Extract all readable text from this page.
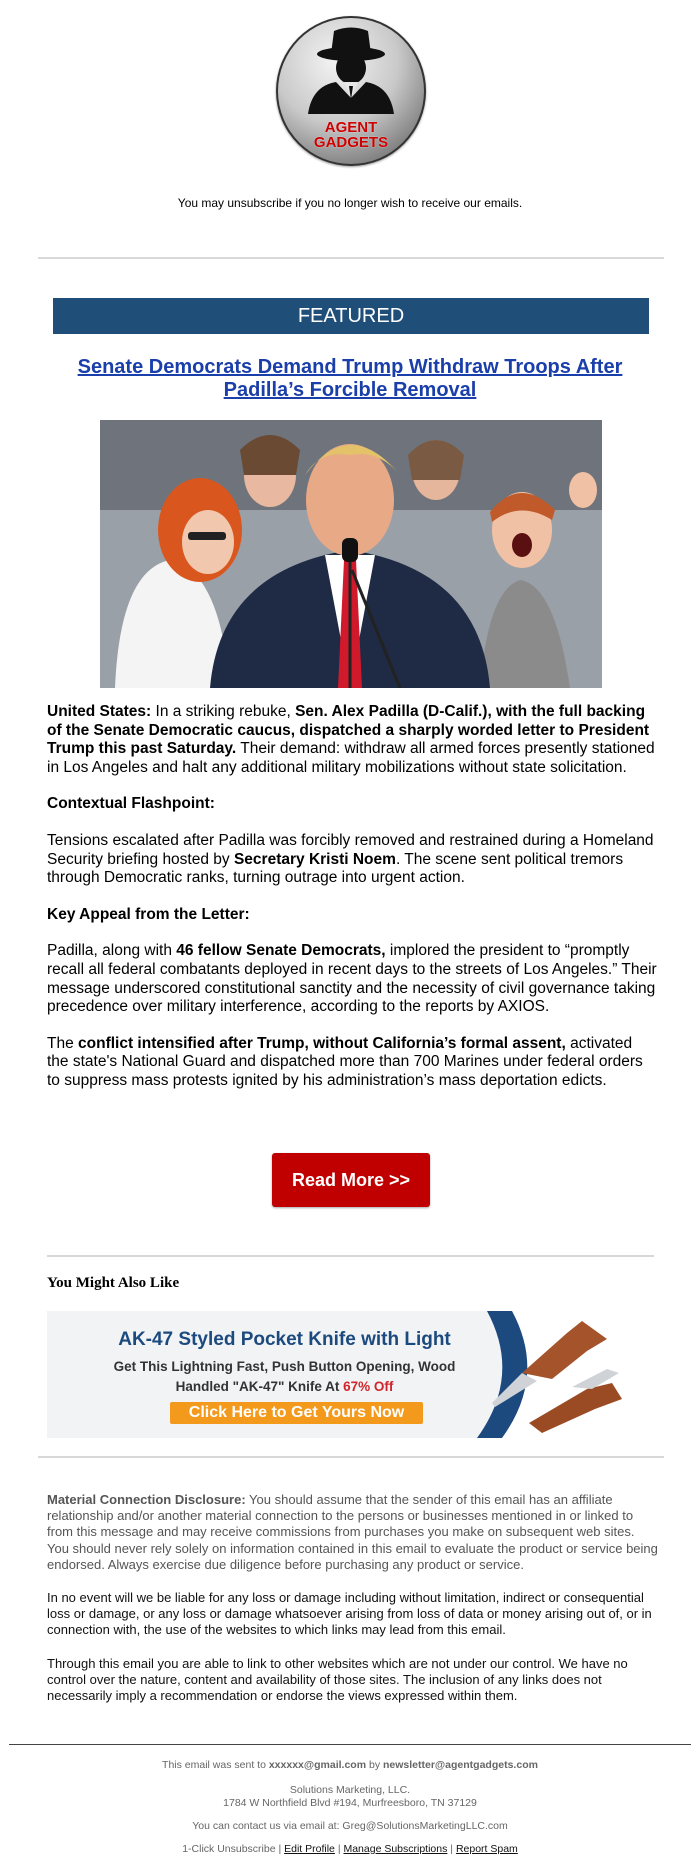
AGENT
GADGETS
You may unsubscribe if you no longer wish to receive our emails.
FEATURED
Senate Democrats Demand Trump Withdraw Troops After Padilla’s Forcible Removal

United States: In a striking rebuke, Sen. Alex Padilla (D-Calif.), with the full backing of the Senate Democratic caucus, dispatched a sharply worded letter to President Trump this past Saturday. Their demand: withdraw all armed forces presently stationed in Los Angeles and halt any additional military mobilizations without state solicitation.

Contextual Flashpoint:

Tensions escalated after Padilla was forcibly removed and restrained during a Homeland Security briefing hosted by Secretary Kristi Noem. The scene sent political tremors through Democratic ranks, turning outrage into urgent action.

Key Appeal from the Letter:

Padilla, along with 46 fellow Senate Democrats, implored the president to “promptly recall all federal combatants deployed in recent days to the streets of Los Angeles.” Their message underscored constitutional sanctity and the necessity of civil governance taking precedence over military interference, according to the reports by AXIOS.

The conflict intensified after Trump, without California’s formal assent, activated the state's National Guard and dispatched more than 700 Marines under federal orders to suppress mass protests ignited by his administration’s mass deportation edicts.

Read More >>
You Might Also Like
AK-47 Styled Pocket Knife with Light
Get This Lightning Fast, Push Button Opening, Wood
Handled "AK-47" Knife At 67% Off
Click Here to Get Yours Now

Material Connection Disclosure: You should assume that the sender of this email has an affiliate relationship and/or another material connection to the persons or businesses mentioned in or linked to from this message and may receive commissions from purchases you make on subsequent web sites. You should never rely solely on information contained in this email to evaluate the product or service being endorsed. Always exercise due diligence before purchasing any product or service.

In no event will we be liable for any loss or damage including without limitation, indirect or consequential loss or damage, or any loss or damage whatsoever arising from loss of data or money arising out of, or in connection with, the use of the websites to which links may lead from this email.

Through this email you are able to link to other websites which are not under our control. We have no control over the nature, content and availability of those sites. The inclusion of any links does not necessarily imply a recommendation or endorse the views expressed within them.

This email was sent to xxxxxx@gmail.com by newsletter@agentgadgets.com
Solutions Marketing, LLC.
1784 W Northfield Blvd #194, Murfreesboro, TN 37129
You can contact us via email at: Greg@SolutionsMarketingLLC.com
1-Click Unsubscribe | Edit Profile | Manage Subscriptions | Report Spam
